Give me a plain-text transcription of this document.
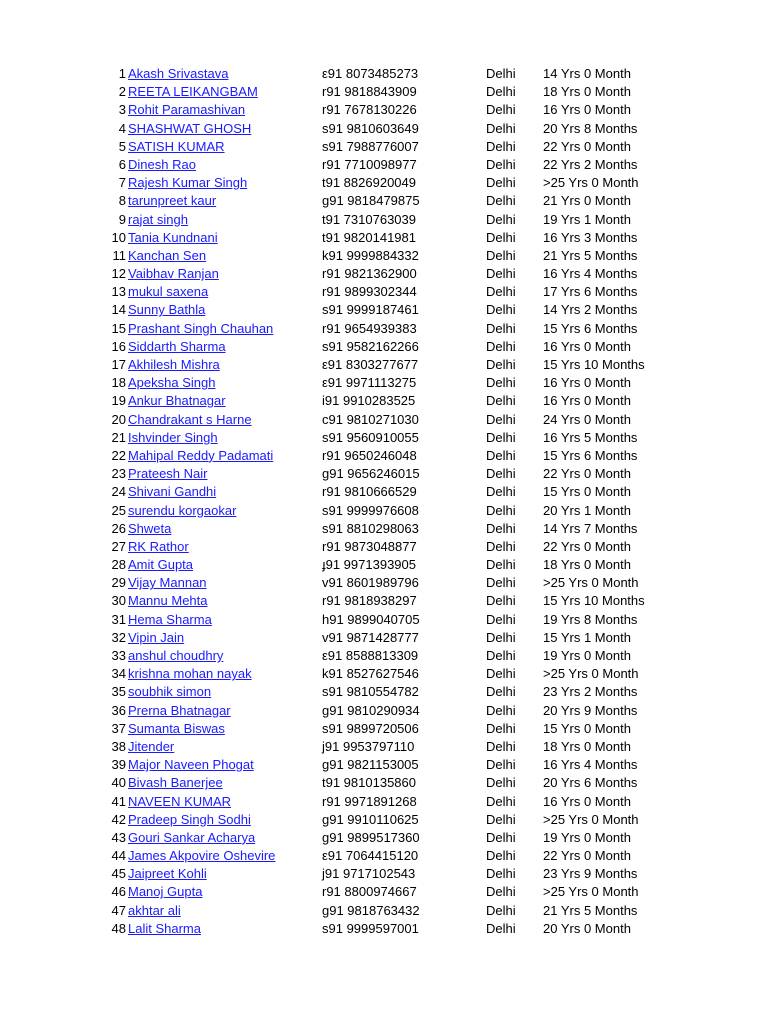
1 Akash Srivastava	ε91 8073485273	Delhi 14 Yrs 0 Month
2 REETA LEIKANGBAM	r91 9818843909	Delhi 18 Yrs 0 Month
3 Rohit Paramashivan	r91 7678130226	Delhi 16 Yrs 0 Month
4 SHASHWAT GHOSH	s91 9810603649	Delhi 20 Yrs 8 Months
5 SATISH KUMAR	s91 7988776007	Delhi 22 Yrs 0 Month
6 Dinesh Rao	r91 7710098977	Delhi 22 Yrs 2 Months
7 Rajesh Kumar Singh	t91 8826920049	Delhi >25 Yrs 0 Month
8 tarunpreet kaur	ɡ91 9818479875	Delhi 21 Yrs 0 Month
9 rajat singh	t91 7310763039	Delhi 19 Yrs 1 Month
10 Tania Kundnani	t91 9820141981	Delhi 16 Yrs 3 Months
11 Kanchan Sen	k91 9999884332	Delhi 21 Yrs 5 Months
12 Vaibhav Ranjan	r91 9821362900	Delhi 16 Yrs 4 Months
13 mukul saxena	r91 9899302344	Delhi 17 Yrs 6 Months
14 Sunny Bathla	s91 9999187461	Delhi 14 Yrs 2 Months
15 Prashant Singh Chauhan	r91 9654939383	Delhi 15 Yrs 6 Months
16 Siddarth Sharma	s91 9582162266	Delhi 16 Yrs 0 Month
17 Akhilesh Mishra	ε91 8303277677	Delhi 15 Yrs 10 Months
18 Apeksha Singh	ε91 9971113275	Delhi 16 Yrs 0 Month
19 Ankur Bhatnagar	i91 9910283525	Delhi 16 Yrs 0 Month
20 Chandrakant s Harne	c91 9810271030	Delhi 24 Yrs 0 Month
21 Ishvinder Singh	s91 9560910055	Delhi 16 Yrs 5 Months
22 Mahipal Reddy Padamati	r91 9650246048	Delhi 15 Yrs 6 Months
23 Prateesh Nair	ɡ91 9656246015	Delhi 22 Yrs 0 Month
24 Shivani Gandhi	r91 9810666529	Delhi 15 Yrs 0 Month
25 surendu korgaokar	s91 9999976608	Delhi 20 Yrs 1 Month
26 Shweta	s91 8810298063	Delhi 14 Yrs 7 Months
27 RK Rathor	r91 9873048877	Delhi 22 Yrs 0 Month
28 Amit Gupta	ɟ91 9971393905	Delhi 18 Yrs 0 Month
29 Vijay Mannan	v91 8601989796	Delhi >25 Yrs 0 Month
30 Mannu Mehta	r91 9818938297	Delhi 15 Yrs 10 Months
31 Hema Sharma	h91 9899040705	Delhi 19 Yrs 8 Months
32 Vipin Jain	v91 9871428777	Delhi 15 Yrs 1 Month
33 anshul choudhry	ε91 8588813309	Delhi 19 Yrs 0 Month
34 krishna mohan nayak	k91 8527627546	Delhi >25 Yrs 0 Month
35 soubhik simon	s91 9810554782	Delhi 23 Yrs 2 Months
36 Prerna Bhatnagar	ɡ91 9810290934	Delhi 20 Yrs 9 Months
37 Sumanta Biswas	s91 9899720506	Delhi 15 Yrs 0 Month
38 Jitender	j91 9953797110	Delhi 18 Yrs 0 Month
39 Major Naveen Phogat	ɡ91 9821153005	Delhi 16 Yrs 4 Months
40 Bivash Banerjee	t91 9810135860	Delhi 20 Yrs 6 Months
41 NAVEEN KUMAR	r91 9971891268	Delhi 16 Yrs 0 Month
42 Pradeep Singh Sodhi	ɡ91 9910110625	Delhi >25 Yrs 0 Month
43 Gouri Sankar Acharya	ɡ91 9899517360	Delhi 19 Yrs 0 Month
44 James Akpovire Oshevire	ε91 7064415120	Delhi 22 Yrs 0 Month
45 Jaipreet Kohli	j91 9717102543	Delhi 23 Yrs 9 Months
46 Manoj Gupta	r91 8800974667	Delhi >25 Yrs 0 Month
47 akhtar ali	ɡ91 9818763432	Delhi 21 Yrs 5 Months
48 Lalit Sharma	s91 9999597001	Delhi 20 Yrs 0 Month
